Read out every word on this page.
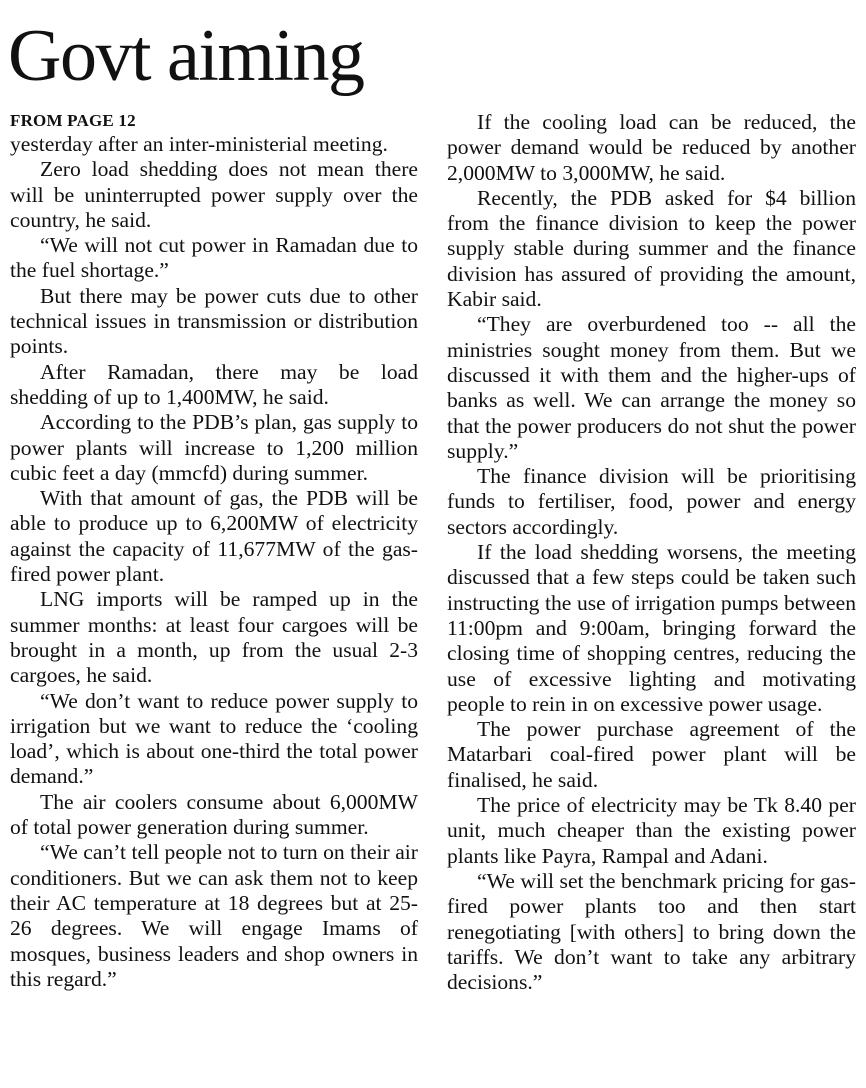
Govt aiming
FROM PAGE 12

yesterday after an inter-ministerial meeting.

Zero load shedding does not mean there will be uninterrupted power supply over the country, he said.

“We will not cut power in Ramadan due to the fuel shortage.”

But there may be power cuts due to other technical issues in transmission or distribution points.

After Ramadan, there may be load shedding of up to 1,400MW, he said.

According to the PDB’s plan, gas supply to power plants will increase to 1,200 million cubic feet a day (mmcfd) during summer.

With that amount of gas, the PDB will be able to produce up to 6,200MW of electricity against the capacity of 11,677MW of the gas-fired power plant.

LNG imports will be ramped up in the summer months: at least four cargoes will be brought in a month, up from the usual 2-3 cargoes, he said.

“We don’t want to reduce power supply to irrigation but we want to reduce the ‘cooling load’, which is about one-third the total power demand.”

The air coolers consume about 6,000MW of total power generation during summer.

“We can’t tell people not to turn on their air conditioners. But we can ask them not to keep their AC temperature at 18 degrees but at 25-26 degrees. We will engage Imams of mosques, business leaders and shop owners in this regard.”

If the cooling load can be reduced, the power demand would be reduced by another 2,000MW to 3,000MW, he said.

Recently, the PDB asked for $4 billion from the finance division to keep the power supply stable during summer and the finance division has assured of providing the amount, Kabir said.

“They are overburdened too -- all the ministries sought money from them. But we discussed it with them and the higher-ups of banks as well. We can arrange the money so that the power producers do not shut the power supply.”

The finance division will be prioritising funds to fertiliser, food, power and energy sectors accordingly.

If the load shedding worsens, the meeting discussed that a few steps could be taken such instructing the use of irrigation pumps between 11:00pm and 9:00am, bringing forward the closing time of shopping centres, reducing the use of excessive lighting and motivating people to rein in on excessive power usage.

The power purchase agreement of the Matarbari coal-fired power plant will be finalised, he said.

The price of electricity may be Tk 8.40 per unit, much cheaper than the existing power plants like Payra, Rampal and Adani.

“We will set the benchmark pricing for gas-fired power plants too and then start renegotiating [with others] to bring down the tariffs. We don’t want to take any arbitrary decisions.”
